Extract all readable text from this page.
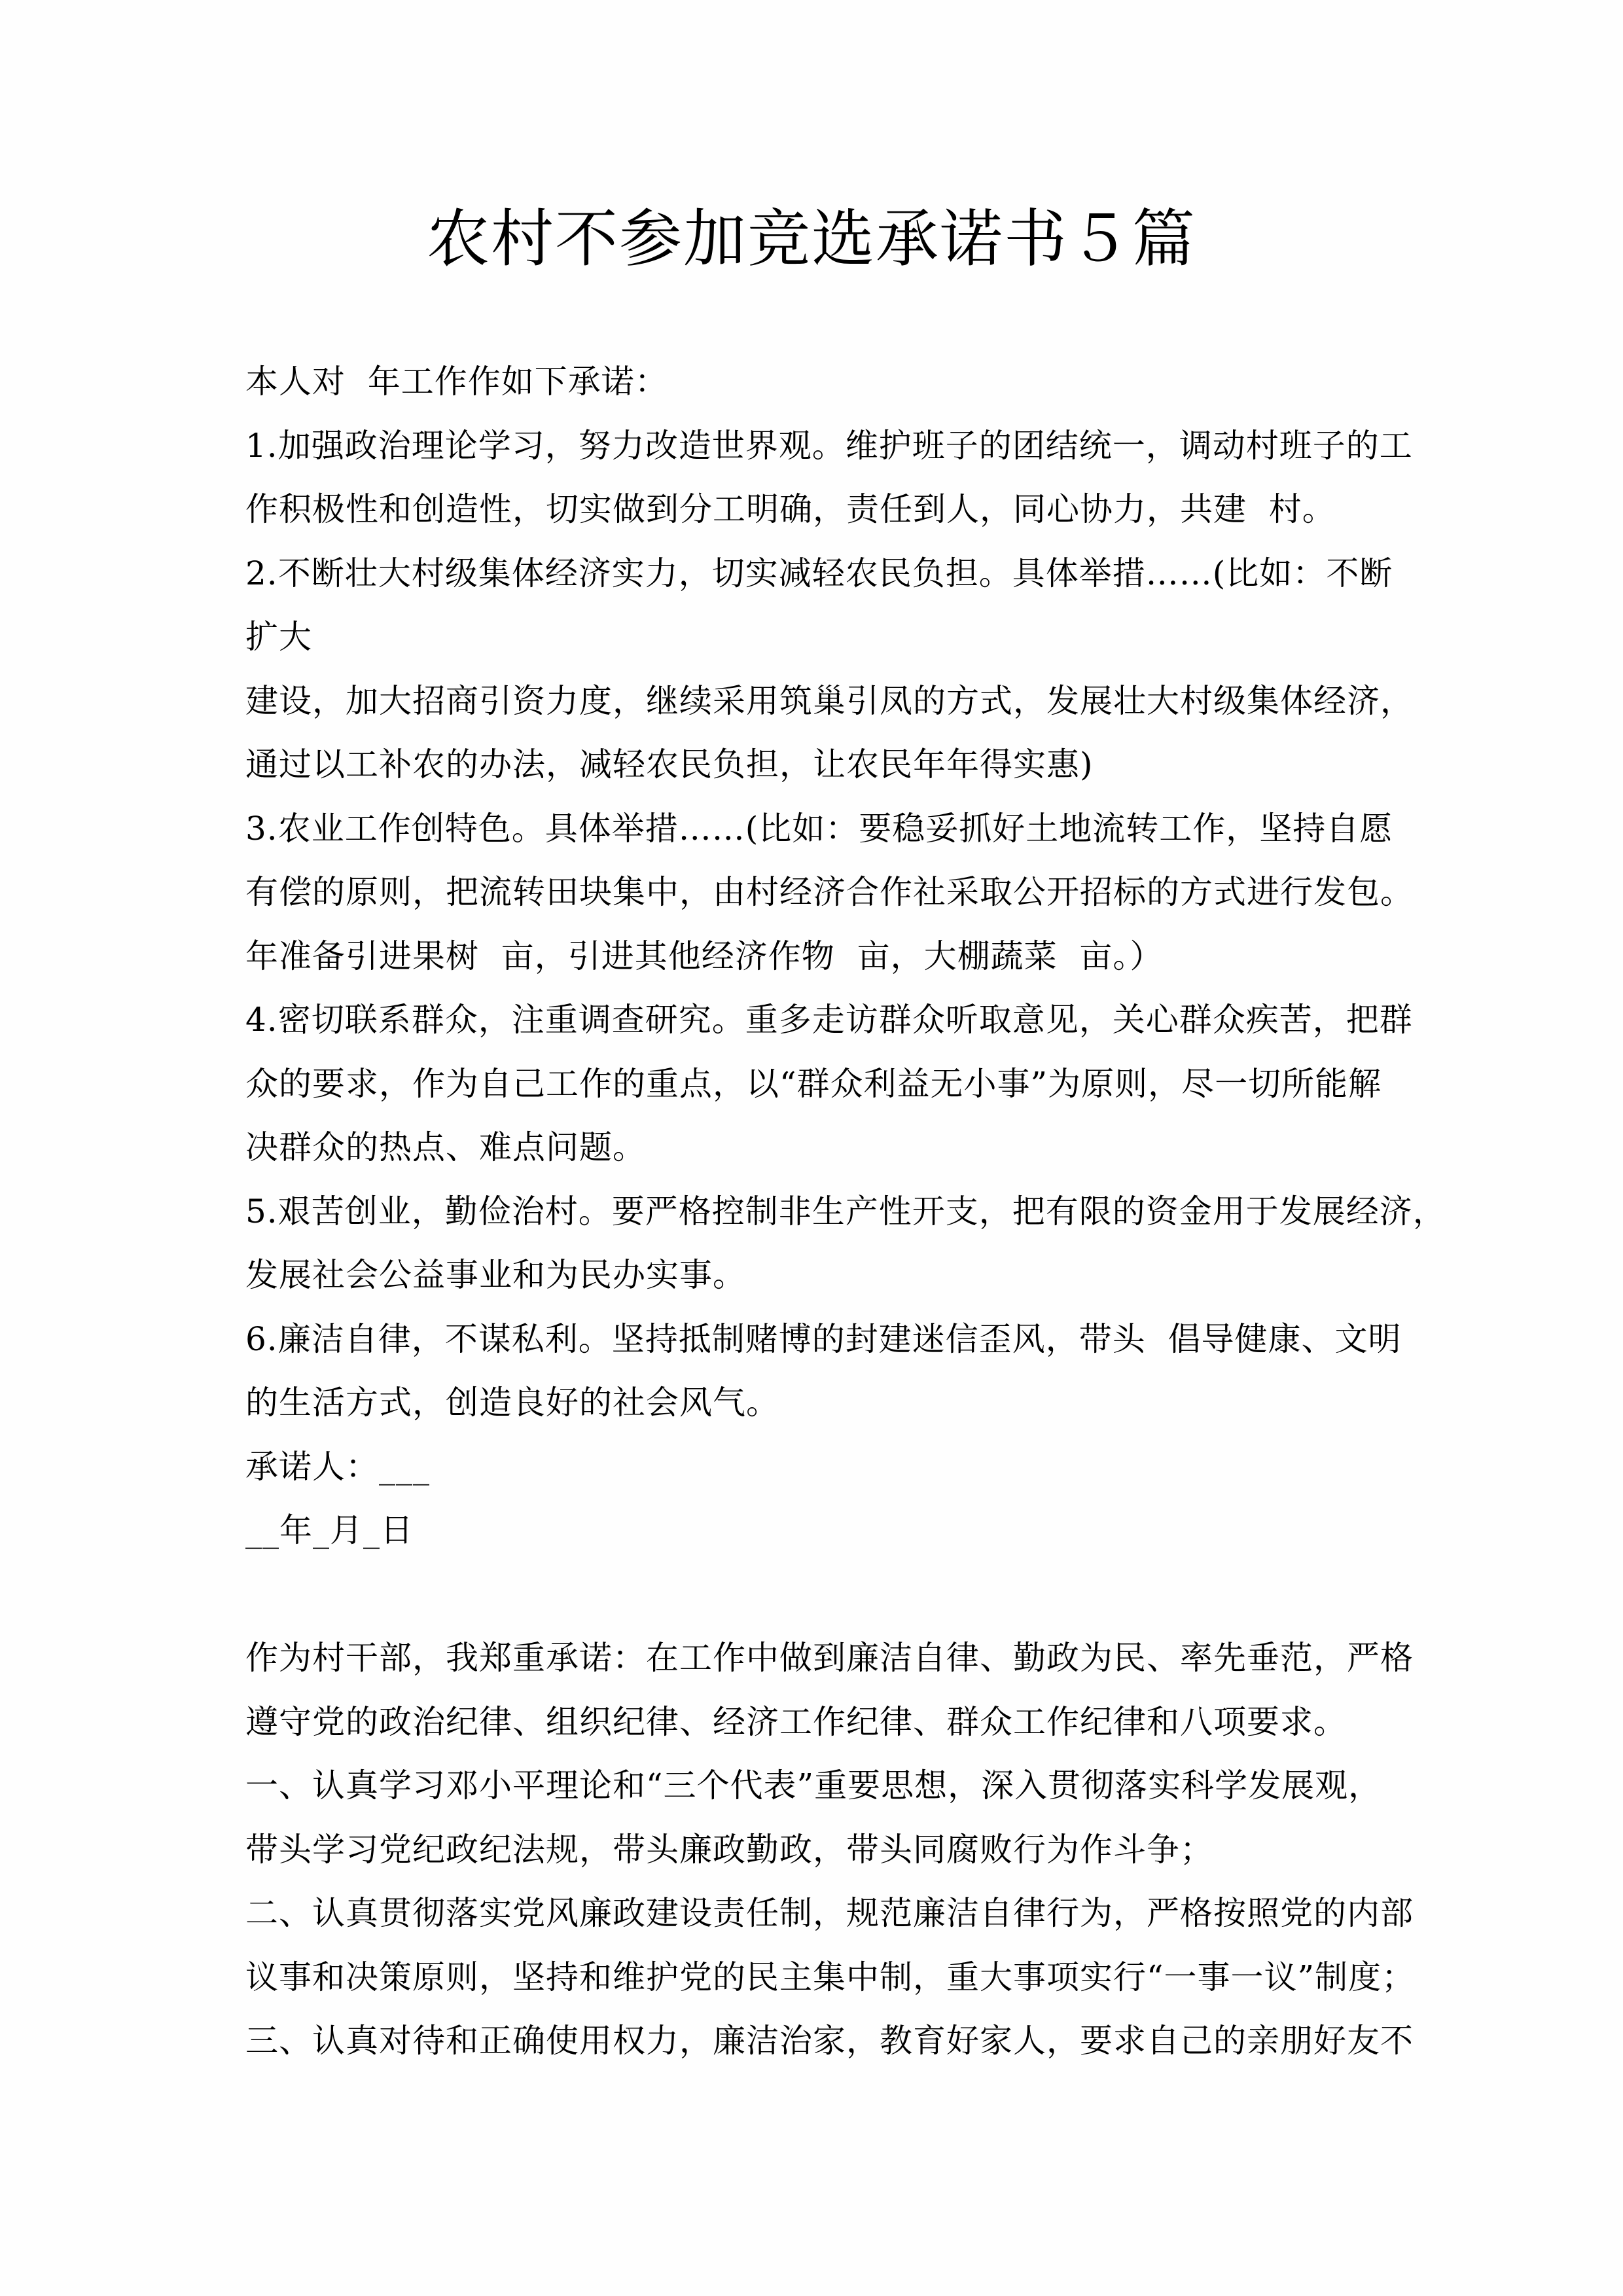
农村不参加竞选承诺书５篇
本人对  年工作作如下承诺：
1.加强政治理论学习，努力改造世界观。维护班子的团结统一，调动村班子的工
作积极性和创造性，切实做到分工明确，责任到人，同心协力，共建  村。
2.不断壮大村级集体经济实力，切实减轻农民负担。具体举措……(比如：不断
扩大
建设，加大招商引资力度，继续采用筑巢引凤的方式，发展壮大村级集体经济，
通过以工补农的办法，减轻农民负担，让农民年年得实惠)
3.农业工作创特色。具体举措……(比如：要稳妥抓好土地流转工作，坚持自愿
有偿的原则，把流转田块集中，由村经济合作社采取公开招标的方式进行发包。
年准备引进果树  亩，引进其他经济作物  亩，大棚蔬菜  亩。）
4.密切联系群众，注重调查研究。重多走访群众听取意见，关心群众疾苦，把群
众的要求，作为自己工作的重点，以“群众利益无小事”为原则，尽一切所能解
决群众的热点、难点问题。
5.艰苦创业，勤俭治村。要严格控制非生产性开支，把有限的资金用于发展经济，
发展社会公益事业和为民办实事。
6.廉洁自律，不谋私利。坚持抵制赌博的封建迷信歪风，带头  倡导健康、文明
的生活方式，创造良好的社会风气。
承诺人：___
__年_月_日
作为村干部，我郑重承诺：在工作中做到廉洁自律、勤政为民、率先垂范，严格
遵守党的政治纪律、组织纪律、经济工作纪律、群众工作纪律和八项要求。
一、认真学习邓小平理论和“三个代表”重要思想，深入贯彻落实科学发展观，
带头学习党纪政纪法规，带头廉政勤政，带头同腐败行为作斗争；
二、认真贯彻落实党风廉政建设责任制，规范廉洁自律行为，严格按照党的内部
议事和决策原则，坚持和维护党的民主集中制，重大事项实行“一事一议”制度；
三、认真对待和正确使用权力，廉洁治家，教育好家人，要求自己的亲朋好友不
